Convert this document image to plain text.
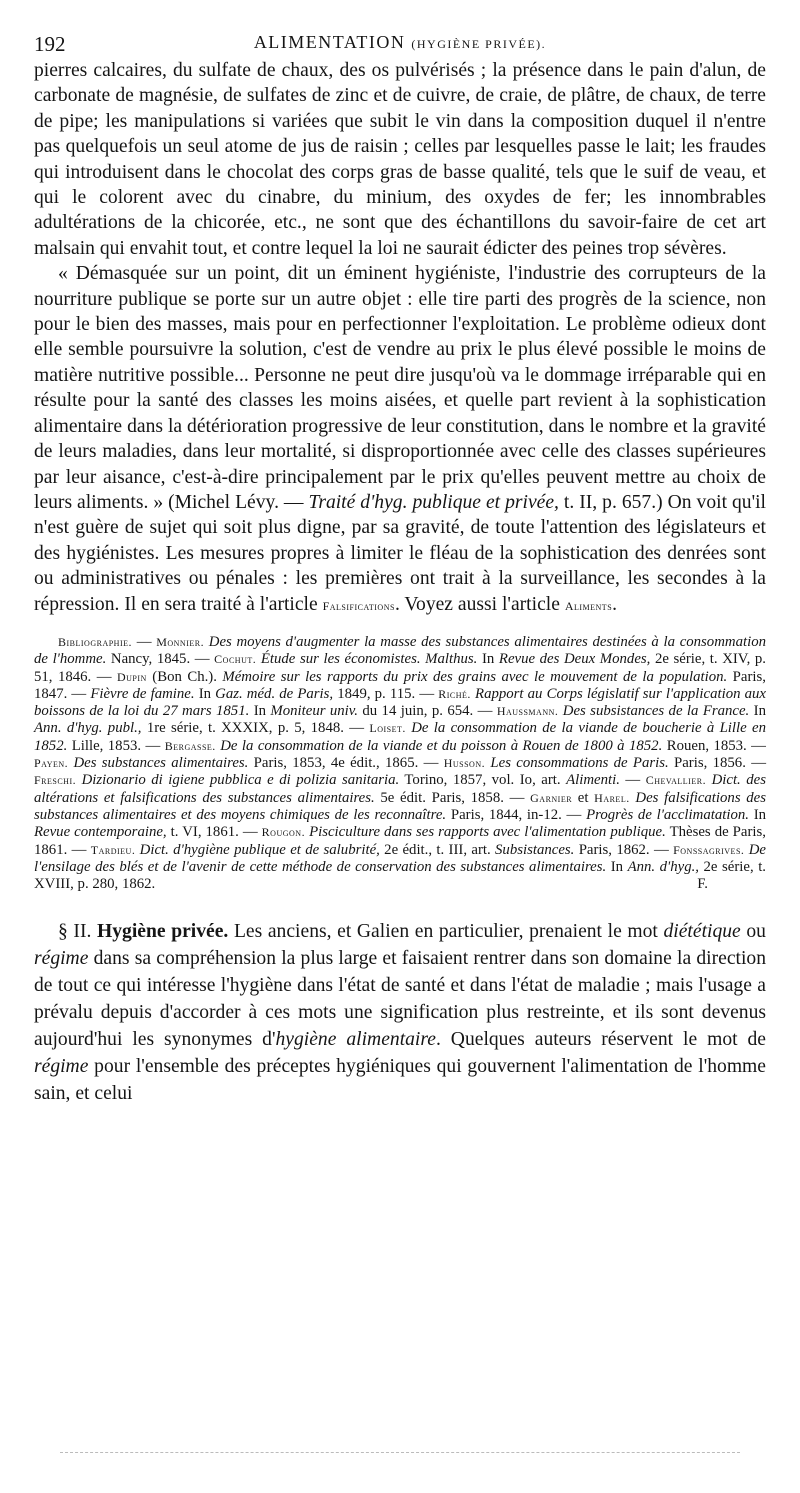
192	ALIMENTATION (HYGIÈNE PRIVÉE).

pierres calcaires, du sulfate de chaux, des os pulvérisés ; la présence dans le pain d'alun, de carbonate de magnésie, de sulfates de zinc et de cuivre, de craie, de plâtre, de chaux, de terre de pipe; les manipulations si variées que subit le vin dans la composition duquel il n'entre pas quelquefois un seul atome de jus de raisin ; celles par lesquelles passe le lait; les fraudes qui introduisent dans le chocolat des corps gras de basse qualité, tels que le suif de veau, et qui le colorent avec du cinabre, du minium, des oxydes de fer; les innombrables adultérations de la chicorée, etc., ne sont que des échantillons du savoir-faire de cet art malsain qui envahit tout, et contre lequel la loi ne saurait édicter des peines trop sévères.

« Démasquée sur un point, dit un éminent hygiéniste, l'industrie des corrupteurs de la nourriture publique se porte sur un autre objet : elle tire parti des progrès de la science, non pour le bien des masses, mais pour en perfectionner l'exploitation. Le problème odieux dont elle semble poursuivre la solution, c'est de vendre au prix le plus élevé possible le moins de matière nutritive possible... Personne ne peut dire jusqu'où va le dommage irréparable qui en résulte pour la santé des classes les moins aisées, et quelle part revient à la sophistication alimentaire dans la détérioration progressive de leur constitution, dans le nombre et la gravité de leurs maladies, dans leur mortalité, si disproportionnée avec celle des classes supérieures par leur aisance, c'est-à-dire principalement par le prix qu'elles peuvent mettre au choix de leurs aliments. » (Michel Lévy. — Traité d'hyg. publique et privée, t. II, p. 657.) On voit qu'il n'est guère de sujet qui soit plus digne, par sa gravité, de toute l'attention des législateurs et des hygiénistes. Les mesures propres à limiter le fléau de la sophistication des denrées sont ou administratives ou pénales : les premières ont trait à la surveillance, les secondes à la répression. Il en sera traité à l'article Falsifications. Voyez aussi l'article Aliments.

Bibliographie. — Monnier. Des moyens d'augmenter la masse des substances alimentaires destinées à la consommation de l'homme. Nancy, 1845. — Cochut. Étude sur les économistes. Malthus. In Revue des Deux Mondes, 2e série, t. XIV, p. 51, 1846. — Dupin (Bon Ch.). Mémoire sur les rapports du prix des grains avec le mouvement de la population. Paris, 1847. — Fièvre de famine. In Gaz. méd. de Paris, 1849, p. 115. — Riché. Rapport au Corps législatif sur l'application aux boissons de la loi du 27 mars 1851. In Moniteur univ. du 14 juin, p. 654. — Haussmann. Des subsistances de la France. In Ann. d'hyg. publ., 1re série, t. XXXIX, p. 5, 1848. — Loiset. De la consommation de la viande de boucherie à Lille en 1852. Lille, 1853. — Bergasse. De la consommation de la viande et du poisson à Rouen de 1800 à 1852. Rouen, 1853. — Payen. Des substances alimentaires. Paris, 1853, 4e édit., 1865. — Husson. Les consommations de Paris. Paris, 1856. — Freschi. Dizionario di igiene pubblica e di polizia sanitaria. Torino, 1857, vol. Io, art. Alimenti. — Chevallier. Dict. des altérations et falsifications des substances alimentaires. 5e édit. Paris, 1858. — Garnier et Harel. Des falsifications des substances alimentaires et des moyens chimiques de les reconnaître. Paris, 1844, in-12. — Progrès de l'acclimatation. In Revue contemporaine, t. VI, 1861. — Rougon. Pisciculture dans ses rapports avec l'alimentation publique. Thèses de Paris, 1861. — Tardieu. Dict. d'hygiène publique et de salubrité, 2e édit., t. III, art. Subsistances. Paris, 1862. — Fonssagrives. De l'ensilage des blés et de l'avenir de cette méthode de conservation des substances alimentaires. In Ann. d'hyg., 2e série, t. XVIII, p. 280, 1862.	F.
§ II. Hygiène privée. Les anciens, et Galien en particulier, prenaient le mot diététique ou régime dans sa compréhension la plus large et faisaient rentrer dans son domaine la direction de tout ce qui intéresse l'hygiène dans l'état de santé et dans l'état de maladie ; mais l'usage a prévalu depuis d'accorder à ces mots une signification plus restreinte, et ils sont devenus aujourd'hui les synonymes d'hygiène alimentaire. Quelques auteurs réservent le mot de régime pour l'ensemble des préceptes hygiéniques qui gouvernent l'alimentation de l'homme sain, et celui
